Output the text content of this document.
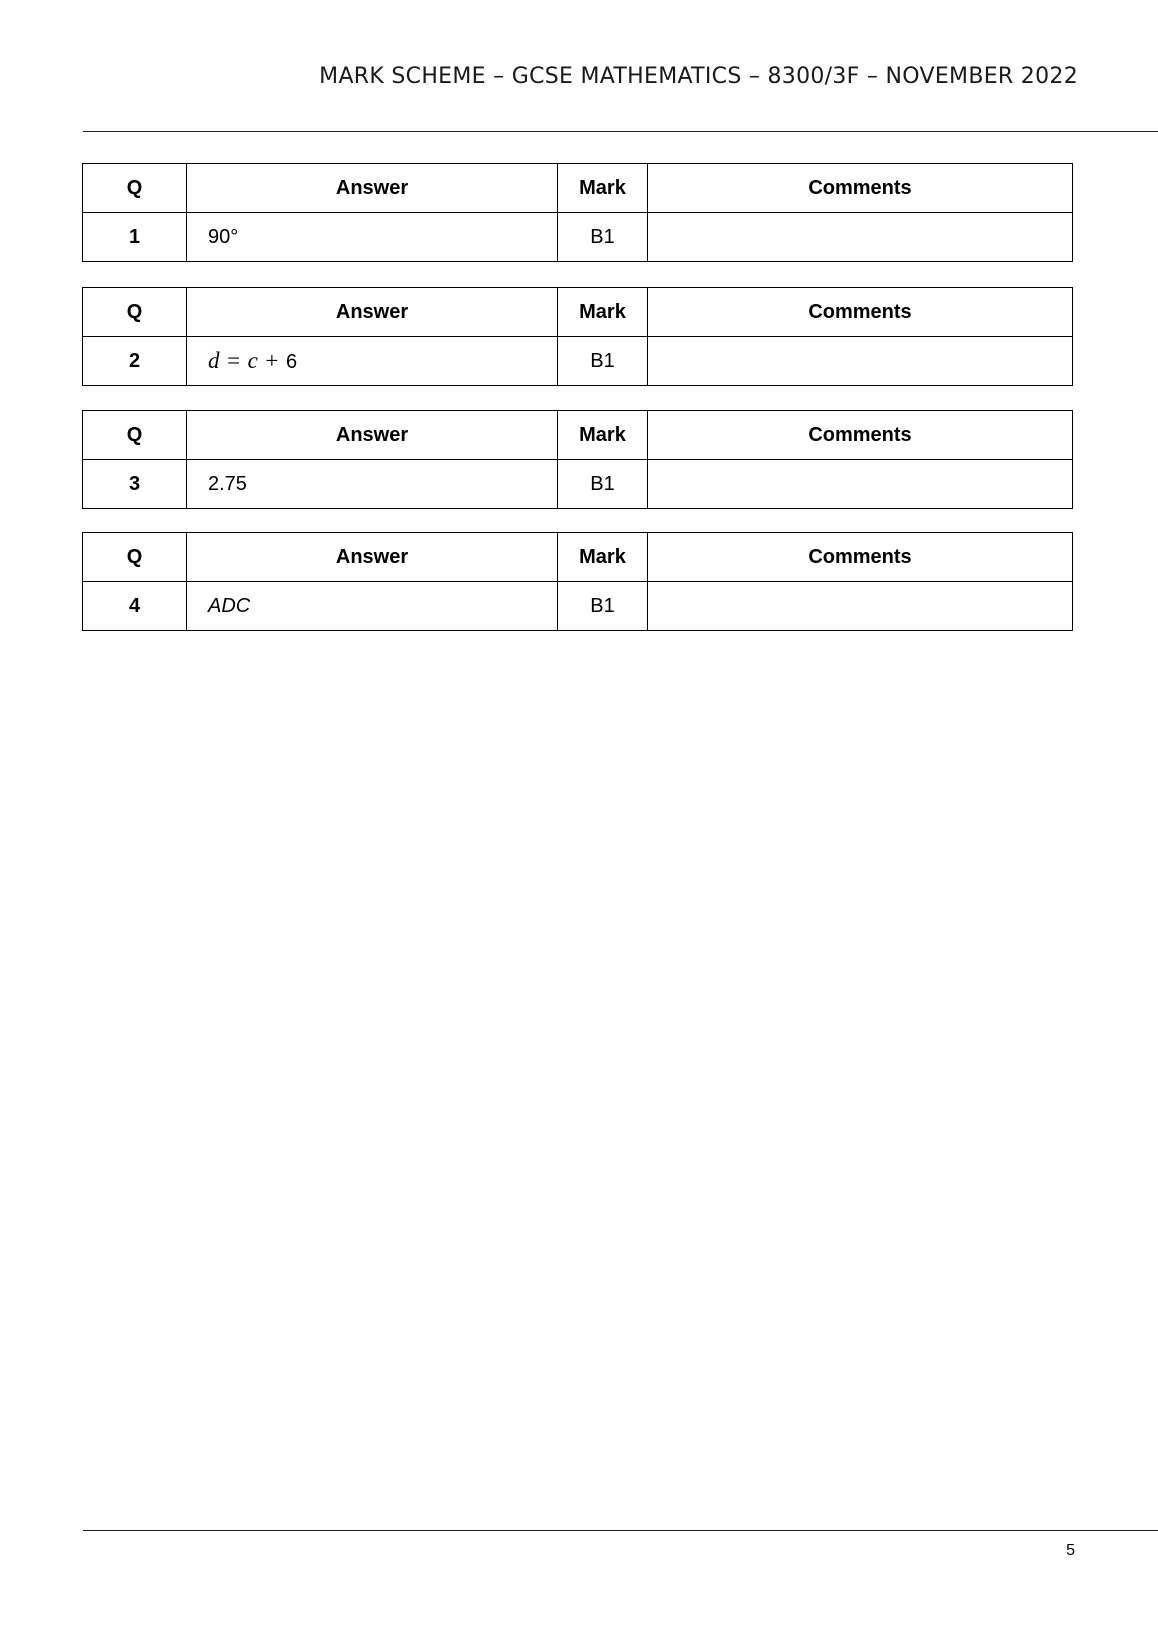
MARK SCHEME – GCSE MATHEMATICS – 8300/3F – NOVEMBER 2022
Q	Answer	Mark	Comments
1	90°	B1	
Q	Answer	Mark	Comments
2	d = c + 6	B1	
Q	Answer	Mark	Comments
3	2.75	B1	
Q	Answer	Mark	Comments
4	ADC	B1	
5
